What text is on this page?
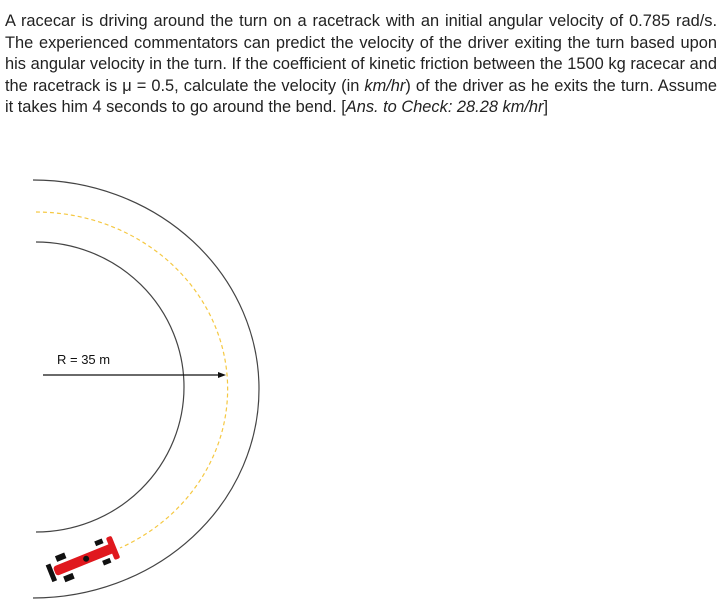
A racecar is driving around the turn on a racetrack with an initial angular velocity of 0.785 rad/s. The experienced commentators can predict the velocity of the driver exiting the turn based upon his angular velocity in the turn. If the coefficient of kinetic friction between the 1500 kg racecar and the racetrack is μ = 0.5, calculate the velocity (in km/hr) of the driver as he exits the turn. Assume it takes him 4 seconds to go around the bend. [Ans. to Check: 28.28 km/hr]
R = 35 m
